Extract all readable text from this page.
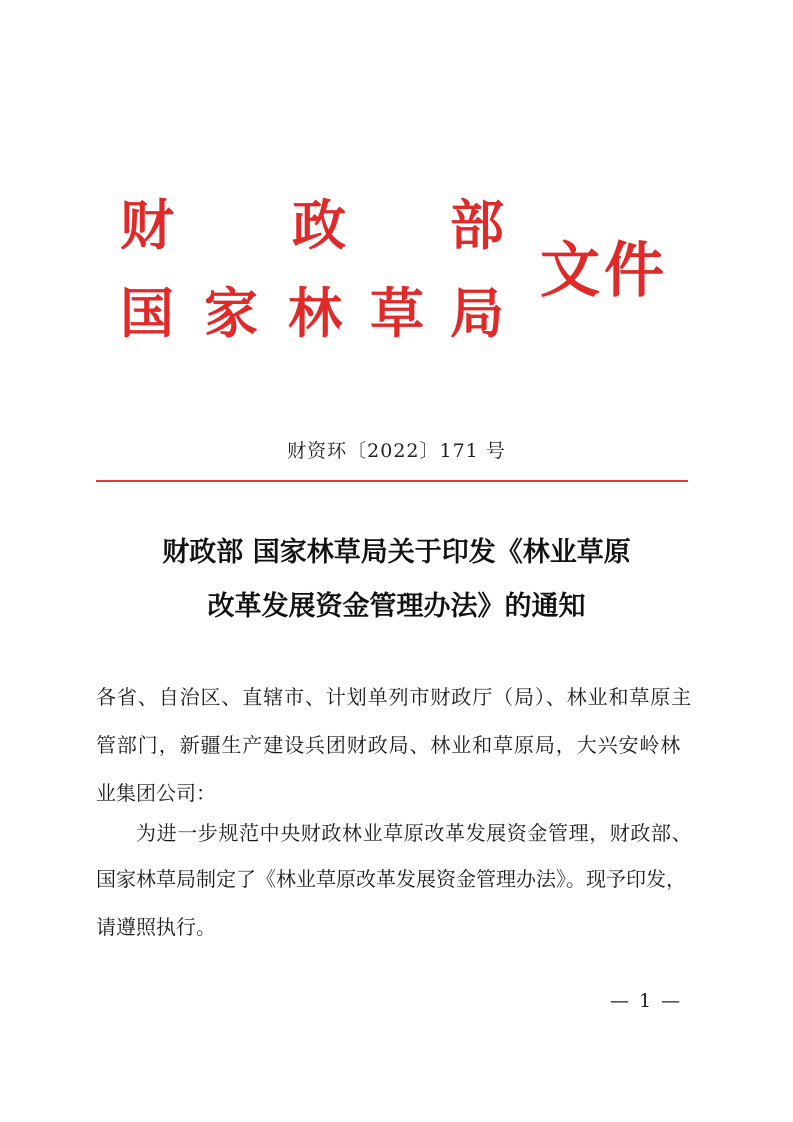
财 政 部
国 家 林 草 局
文件
财资环〔2022〕171 号
财政部 国家林草局关于印发《林业草原
改革发展资金管理办法》的通知
各省、自治区、直辖市、计划单列市财政厅（局）、林业和草原主
管部门，新疆生产建设兵团财政局、林业和草原局，大兴安岭林
业集团公司：
为进一步规范中央财政林业草原改革发展资金管理，财政部、
国家林草局制定了《林业草原改革发展资金管理办法》。现予印发，
请遵照执行。
— 1 —
